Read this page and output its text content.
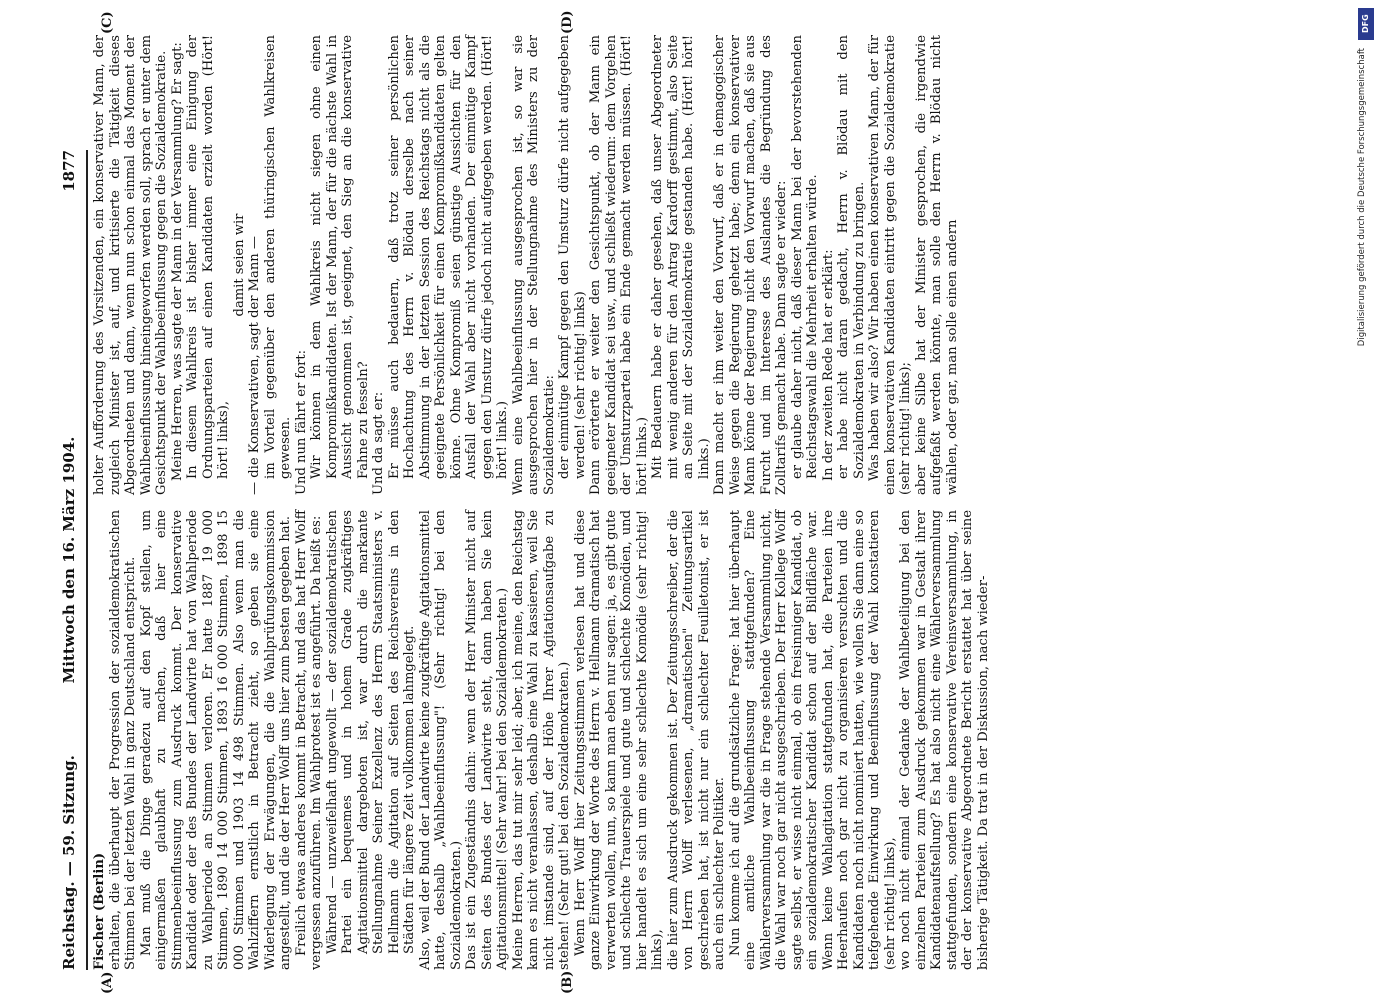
Reichstag. — 59. Sitzung.
Mittwoch den 16. März 1904.
1877
(A)	(B)
(C)	(D)

Fischer (Berlin) erhalten, die überhaupt der Progression der sozialdemokratischen Stimmen bei der letzten Wahl in ganz Deutschland entspricht. Man muß die Dinge geradezu auf den Kopf stellen, um einigermaßen glaubhaft zu machen, daß hier eine Stimmenbeeinflussung zum Ausdruck kommt. Der konservative Kandidat oder der des Bundes der Landwirte hat von Wahlperiode zu Wahlperiode an Stimmen verloren. Er hatte 1887 19 000 Stimmen, 1890 14 000 Stimmen, 1893 16 000 Stimmen, 1898 15 000 Stimmen und 1903 14 498 Stimmen. Also wenn man die Wahlziffern ernstlich in Betracht zieht, so geben sie eine Widerlegung der Erwägungen, die die Wahlprüfungskommission angestellt, und die der Herr Wolff uns hier zum besten gegeben hat. Freilich etwas anderes kommt in Betracht, und das hat Herr Wolff vergessen anzuführen. Im Wahlprotest ist es angeführt. Da heißt es: Während — unzweifelhaft ungewollt — der sozialdemokratischen Partei ein bequemes und in hohem Grade zugkräftiges Agitationsmittel dargeboten ist, war durch die markante Stellungnahme Seiner Exzellenz des Herrn Staatsministers v. Hellmann die Agitation auf Seiten des Reichsvereins in den Städten für längere Zeit vollkommen lahmgelegt. Also, weil der Bund der Landwirte keine zugkräftige Agitationsmittel hatte, deshalb „Wahlbeeinflussung"! (Sehr richtig! bei den Sozialdemokraten.) Das ist ein Zugeständnis dahin: wenn der Herr Minister nicht auf Seiten des Bundes der Landwirte steht, dann haben Sie kein Agitationsmittel! (Sehr wahr! bei den Sozialdemokraten.) Meine Herren, das tut mir sehr leid; aber, ich meine, den Reichstag kann es nicht veranlassen, deshalb eine Wahl zu kassieren, weil Sie nicht imstande sind, auf der Höhe Ihrer Agitationsaufgabe zu stehen! (Sehr gut! bei den Sozialdemokraten.) Wenn Herr Wolff hier Zeitungsstimmen verlesen hat und diese ganze Einwirkung der Worte des Herrn v. Hellmann dramatisch hat verwerten wollen, nun, so kann man eben nur sagen: ja, es gibt gute und schlechte Trauerspiele und gute und schlechte Komödien, und hier handelt es sich um eine sehr schlechte Komödie (sehr richtig! links), die hier zum Ausdruck gekommen ist. Der Zeitungsschreiber, der die von Herrn Wolff verlesenen, „dramatischen" Zeitungsartikel geschrieben hat, ist nicht nur ein schlechter Feuilletonist, er ist auch ein schlechter Politiker. Nun komme ich auf die grundsätzliche Frage: hat hier überhaupt eine amtliche Wahlbeeinflussung stattgefunden? Eine Wählerversammlung war die in Frage stehende Versammlung nicht, die Wahl war noch gar nicht ausgeschrieben. Der Herr Kollege Wolff sagte selbst, er wisse nicht einmal, ob ein freisinniger Kandidat, ob ein sozialdemokratischer Kandidat schon auf der Bildfläche war. Wenn keine Wahlagitation stattgefunden hat, die Parteien ihre Heerhaufen noch gar nicht zu organisieren versuchten und die Kandidaten noch nicht nominiert hatten, wie wollen Sie dann eine so tiefgehende Einwirkung und Beeinflussung der Wahl konstatieren (sehr richtig! links), wo noch nicht einmal der Gedanke der Wahlbeteiligung bei den einzelnen Parteien zum Ausdruck gekommen war in Gestalt ihrer Kandidatenaufstellung? Es hat also nicht eine Wählerversammlung stattgefunden, sondern eine konservative Vereinsversammlung, in der der konservative Abgeordnete Bericht erstattet hat über seine bisherige Tätigkeit. Da trat in der Diskussion, nach wieder-

holter Aufforderung des Vorsitzenden, ein konservativer Mann, der zugleich Minister ist, auf, und kritisierte die Tätigkeit dieses Abgeordneten und dann, wenn nun schon einmal das Moment der Wahlbeeinflussung hineingeworfen werden soll, sprach er unter dem Gesichtspunkt der Wahlbeeinflussung gegen die Sozialdemokratie. Meine Herren, was sagte der Mann in der Versammlung? Er sagt: In diesem Wahlkreis ist bisher immer eine Einigung der Ordnungsparteien auf einen Kandidaten erzielt worden (Hört! hört! links),

damit seien wir — die Konservativen, sagt der Mann — im Vorteil gegenüber den anderen thüringischen Wahlkreisen gewesen. Und nun fährt er fort: Wir können in dem Wahlkreis nicht siegen ohne einen Kompromißkandidaten. Ist der Mann, der für die nächste Wahl in Aussicht genommen ist, geeignet, den Sieg an die konservative Fahne zu fesseln? Und da sagt er: Er müsse auch bedauern, daß trotz seiner persönlichen Hochachtung des Herrn v. Blödau derselbe nach seiner Abstimmung in der letzten Session des Reichstags nicht als die geeignete Persönlichkeit für einen Kompromißkandidaten gelten könne. Ohne Kompromiß seien günstige Aussichten für den Ausfall der Wahl aber nicht vorhanden. Der einmütige Kampf gegen den Umsturz dürfe jedoch nicht aufgegeben werden. (Hört! hört! links.) Wenn eine Wahlbeeinflussung ausgesprochen ist, so war sie ausgesprochen hier in der Stellungnahme des Ministers zu der Sozialdemokratie: der einmütige Kampf gegen den Umsturz dürfe nicht aufgegeben werden! (sehr richtig! links) Dann erörterte er weiter den Gesichtspunkt, ob der Mann ein geeigneter Kandidat sei usw., und schließt wiederum: dem Vorgehen der Umsturzpartei habe ein Ende gemacht werden müssen. (Hört! hört! links.) Mit Bedauern habe er daher gesehen, daß unser Abgeordneter mit wenig anderen für den Antrag Kardorff gestimmt, also Seite an Seite mit der Sozialdemokratie gestanden habe. (Hört! hört! links.) Dann macht er ihm weiter den Vorwurf, daß er in demagogischer Weise gegen die Regierung gehetzt habe; denn ein konservativer Mann könne der Regierung nicht den Vorwurf machen, daß sie aus Furcht und im Interesse des Auslandes die Begründung des Zolltarifs gemacht habe. Dann sagte er wieder: er glaube daher nicht, daß dieser Mann bei der bevorstehenden Reichstagswahl die Mehrheit erhalten würde. In der zweiten Rede hat er erklärt: er habe nicht daran gedacht, Herrn v. Blödau mit den Sozialdemokraten in Verbindung zu bringen. Was haben wir also? Wir haben einen konservativen Mann, der für einen konservativen Kandidaten eintritt gegen die Sozialdemokratie (sehr richtig! links); aber keine Silbe hat der Minister gesprochen, die irgendwie aufgefaßt werden könnte, man solle den Herrn v. Blödau nicht wählen, oder gar, man solle einen andern

DFG
Digitalisierung gefördert durch die Deutsche Forschungsgemeinschaft
